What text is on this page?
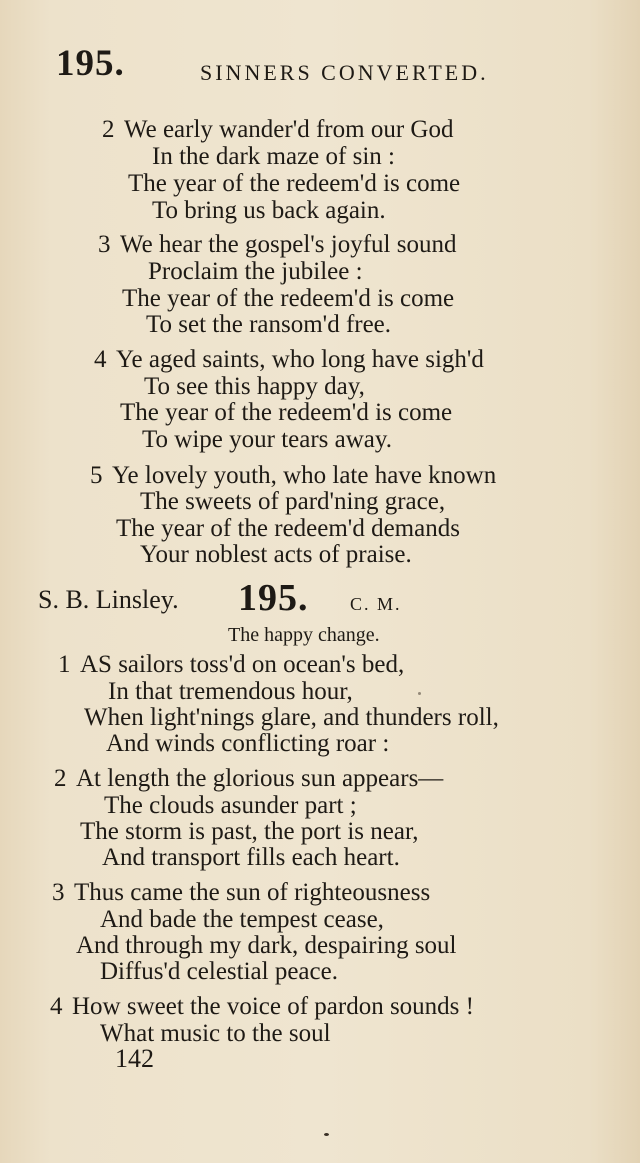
195.	SINNERS CONVERTED.
2 We early wander'd from our God
In the dark maze of sin :
The year of the redeem'd is come
To bring us back again.
3 We hear the gospel's joyful sound
Proclaim the jubilee :
The year of the redeem'd is come
To set the ransom'd free.
4 Ye aged saints, who long have sigh'd
To see this happy day,
The year of the redeem'd is come
To wipe your tears away.
5 Ye lovely youth, who late have known
The sweets of pard'ning grace,
The year of the redeem'd demands
Your noblest acts of praise.
S. B. Linsley. 195. C. M.
The happy change.
1 AS sailors toss'd on ocean's bed,
In that tremendous hour,
When light'nings glare, and thunders roll,
And winds conflicting roar :
2 At length the glorious sun appears—
The clouds asunder part ;
The storm is past, the port is near,
And transport fills each heart.
3 Thus came the sun of righteousness
And bade the tempest cease,
And through my dark, despairing soul
Diffus'd celestial peace.
4 How sweet the voice of pardon sounds !
What music to the soul
142
